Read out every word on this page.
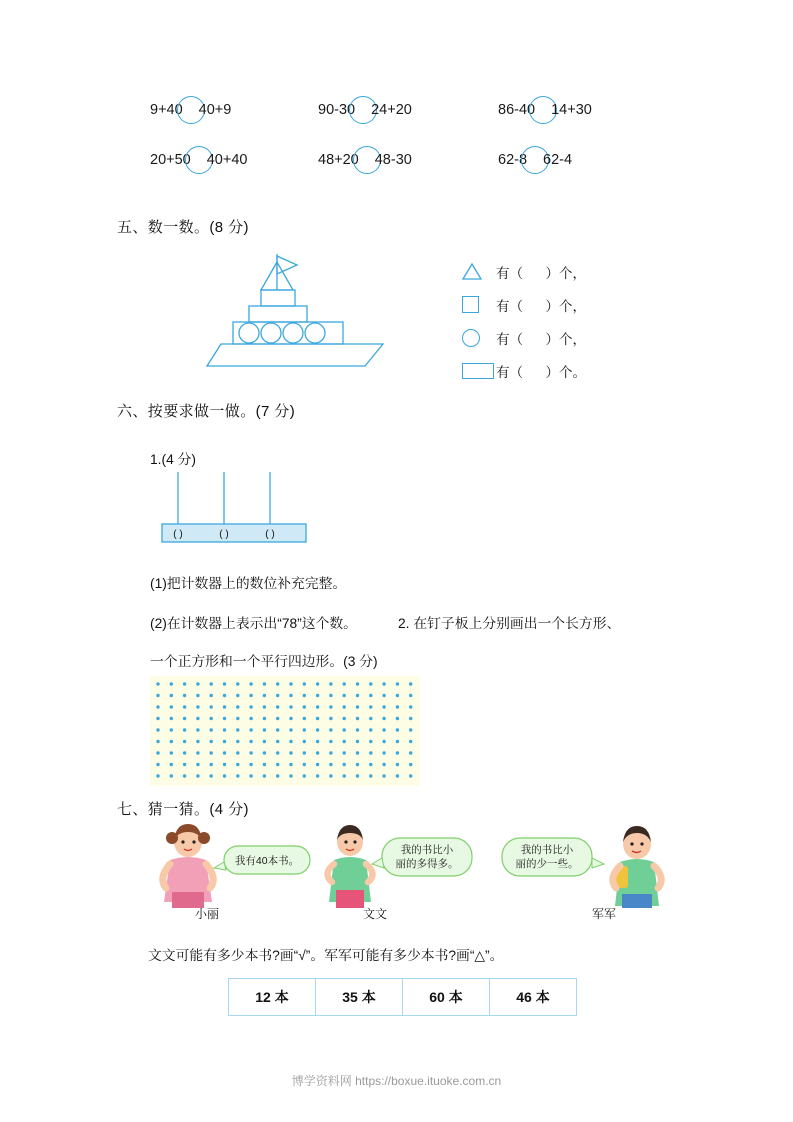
9+40 40+9	90-30 24+20	86-40 14+30
20+50 40+40	48+20 48-30	62-8 62-4
五、数一数。(8 分)
有（      ）个，
有（      ）个，
有（      ）个，
有（      ）个。
六、按要求做一做。(7 分)
1.(4 分)
( )	( )	( )
(1)把计数器上的数位补充完整。
(2)在计数器上表示出“78”这个数。	2. 在钉子板上分别画出一个长方形、
一个正方形和一个平行四边形。(3 分)
七、猜一猜。(4 分)
我有40本书。
我的书比小
丽的多得多。
我的书比小
丽的少一些。
小丽	文文	军军
文文可能有多少本书?画“√”。军军可能有多少本书?画“△”。
12 本	35 本	60 本	46 本
博学资料网 https://boxue.ituoke.com.cn
